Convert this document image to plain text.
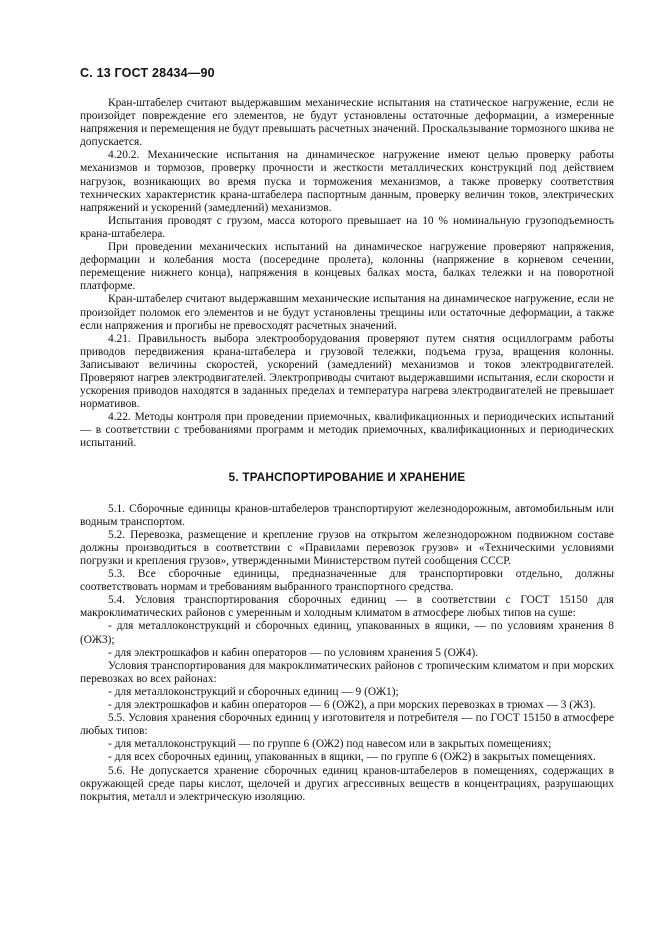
С. 13 ГОСТ 28434—90

Кран-штабелер считают выдержавшим механические испытания на статическое нагружение, если не произойдет повреждение его элементов, не будут установлены остаточные деформации, а измеренные напряжения и перемещения не будут превышать расчетных значений. Проскальзывание тормозного шкива не допускается.

4.20.2. Механические испытания на динамическое нагружение имеют целью проверку работы механизмов и тормозов, проверку прочности и жесткости металлических конструкций под действием нагрузок, возникающих во время пуска и торможения механизмов, а также проверку соответствия технических характеристик крана-штабелера паспортным данным, проверку величин токов, электрических напряжений и ускорений (замедлений) механизмов.

Испытания проводят с грузом, масса которого превышает на 10 % номинальную грузоподъемность крана-штабелера.

При проведении механических испытаний на динамическое нагружение проверяют напряжения, деформации и колебания моста (посередине пролета), колонны (напряжение в корневом сечении, перемещение нижнего конца), напряжения в концевых балках моста, балках тележки и на поворотной платформе.

Кран-штабелер считают выдержавшим механические испытания на динамическое нагружение, если не произойдет поломок его элементов и не будут установлены трещины или остаточные деформации, а также если напряжения и прогибы не превосходят расчетных значений.

4.21. Правильность выбора электрооборудования проверяют путем снятия осциллограмм работы приводов передвижения крана-штабелера и грузовой тележки, подъема груза, вращения колонны. Записывают величины скоростей, ускорений (замедлений) механизмов и токов электродвигателей. Проверяют нагрев электродвигателей. Электроприводы считают выдержавшими испытания, если скорости и ускорения приводов находятся в заданных пределах и температура нагрева электродвигателей не превышает нормативов.

4.22. Методы контроля при проведении приемочных, квалификационных и периодических испытаний — в соответствии с требованиями программ и методик приемочных, квалификационных и периодических испытаний.

5. ТРАНСПОРТИРОВАНИЕ И ХРАНЕНИЕ

5.1. Сборочные единицы кранов-штабелеров транспортируют железнодорожным, автомобильным или водным транспортом.

5.2. Перевозка, размещение и крепление грузов на открытом железнодорожном подвижном составе должны производиться в соответствии с «Правилами перевозок грузов» и «Техническими условиями погрузки и крепления грузов», утвержденными Министерством путей сообщения СССР.

5.3. Все сборочные единицы, предназначенные для транспортировки отдельно, должны соответствовать нормам и требованиям выбранного транспортного средства.

5.4. Условия транспортирования сборочных единиц — в соответствии с ГОСТ 15150 для макроклиматических районов с умеренным и холодным климатом в атмосфере любых типов на суше:

- для металлоконструкций и сборочных единиц, упакованных в ящики, — по условиям хранения 8 (ОЖ3);

- для электрошкафов и кабин операторов — по условиям хранения 5 (ОЖ4).

Условия транспортирования для макроклиматических районов с тропическим климатом и при морских перевозках во всех районах:

- для металлоконструкций и сборочных единиц — 9 (ОЖ1);

- для электрошкафов и кабин операторов — 6 (ОЖ2), а при морских перевозках в трюмах — 3 (Ж3).

5.5. Условия хранения сборочных единиц у изготовителя и потребителя — по ГОСТ 15150 в атмосфере любых типов:

- для металлоконструкций — по группе 6 (ОЖ2) под навесом или в закрытых помещениях;

- для всех сборочных единиц, упакованных в ящики, — по группе 6 (ОЖ2) в закрытых помещениях.

5.6. Не допускается хранение сборочных единиц кранов-штабелеров в помещениях, содержащих в окружающей среде пары кислот, щелочей и других агрессивных веществ в концентрациях, разрушающих покрытия, металл и электрическую изоляцию.
